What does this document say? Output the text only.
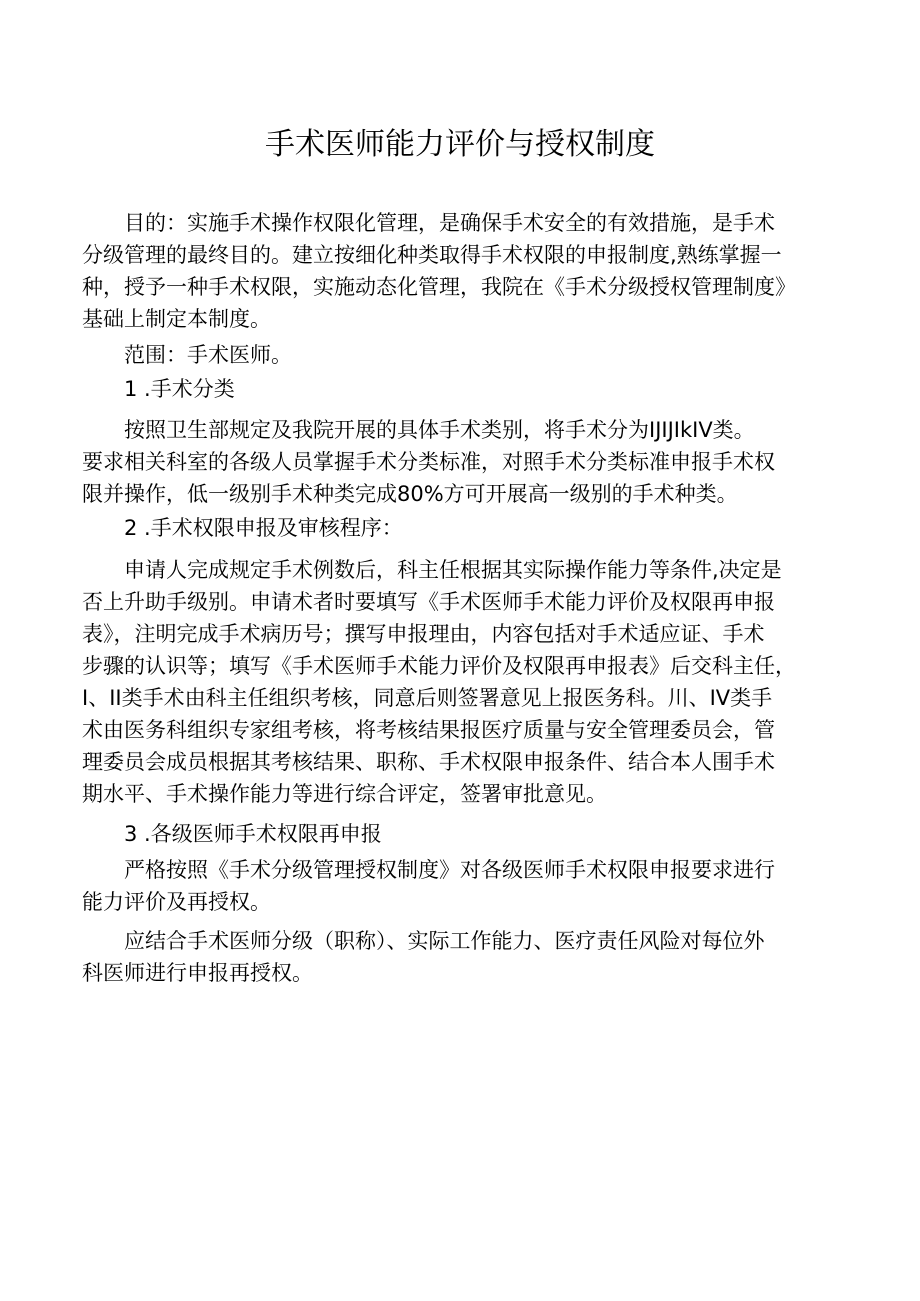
手术医师能力评价与授权制度
目的：实施手术操作权限化管理，是确保手术安全的有效措施，是手术
分级管理的最终目的。建立按细化种类取得手术权限的申报制度,熟练掌握一
种，授予一种手术权限，实施动态化管理，我院在《手术分级授权管理制度》
基础上制定本制度。
范围：手术医师。
1 .手术分类
按照卫生部规定及我院开展的具体手术类别，将手术分为IJIJIkIV类。
要求相关科室的各级人员掌握手术分类标准，对照手术分类标准申报手术权
限并操作，低一级别手术种类完成80%方可开展高一级别的手术种类。
2 .手术权限申报及审核程序：
申请人完成规定手术例数后，科主任根据其实际操作能力等条件,决定是
否上升助手级别。申请术者时要填写《手术医师手术能力评价及权限再申报
表》，注明完成手术病历号；撰写申报理由，内容包括对手术适应证、手术
步骤的认识等；填写《手术医师手术能力评价及权限再申报表》后交科主任，
I、II类手术由科主任组织考核，同意后则签署意见上报医务科。川、IV类手
术由医务科组织专家组考核，将考核结果报医疗质量与安全管理委员会，管
理委员会成员根据其考核结果、职称、手术权限申报条件、结合本人围手术
期水平、手术操作能力等进行综合评定，签署审批意见。
3 .各级医师手术权限再申报
严格按照《手术分级管理授权制度》对各级医师手术权限申报要求进行
能力评价及再授权。
应结合手术医师分级（职称）、实际工作能力、医疗责任风险对每位外
科医师进行申报再授权。
